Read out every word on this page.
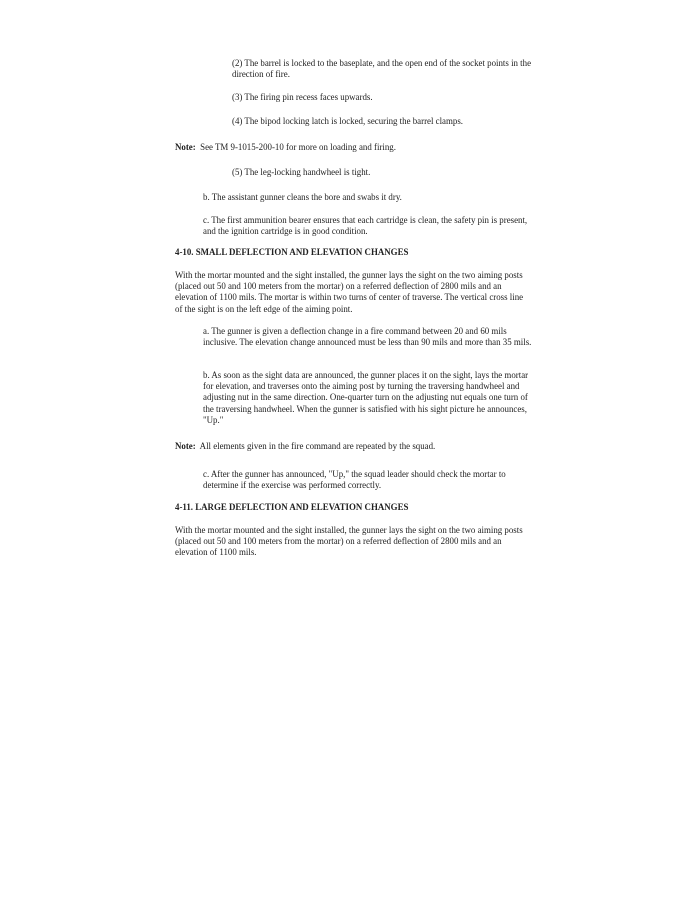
(2) The barrel is locked to the baseplate, and the open end of the socket points in the direction of fire.

(3) The firing pin recess faces upwards.

(4) The bipod locking latch is locked, securing the barrel clamps.

Note: See TM 9-1015-200-10 for more on loading and firing.

(5) The leg-locking handwheel is tight.

b. The assistant gunner cleans the bore and swabs it dry.

c. The first ammunition bearer ensures that each cartridge is clean, the safety pin is present, and the ignition cartridge is in good condition.

4-10. SMALL DEFLECTION AND ELEVATION CHANGES

With the mortar mounted and the sight installed, the gunner lays the sight on the two aiming posts (placed out 50 and 100 meters from the mortar) on a referred deflection of 2800 mils and an elevation of 1100 mils. The mortar is within two turns of center of traverse. The vertical cross line of the sight is on the left edge of the aiming point.

a. The gunner is given a deflection change in a fire command between 20 and 60 mils inclusive. The elevation change announced must be less than 90 mils and more than 35 mils.

b. As soon as the sight data are announced, the gunner places it on the sight, lays the mortar for elevation, and traverses onto the aiming post by turning the traversing handwheel and adjusting nut in the same direction. One-quarter turn on the adjusting nut equals one turn of the traversing handwheel. When the gunner is satisfied with his sight picture he announces, "Up."

Note: All elements given in the fire command are repeated by the squad.

c. After the gunner has announced, "Up," the squad leader should check the mortar to determine if the exercise was performed correctly.

4-11. LARGE DEFLECTION AND ELEVATION CHANGES

With the mortar mounted and the sight installed, the gunner lays the sight on the two aiming posts (placed out 50 and 100 meters from the mortar) on a referred deflection of 2800 mils and an elevation of 1100 mils.
